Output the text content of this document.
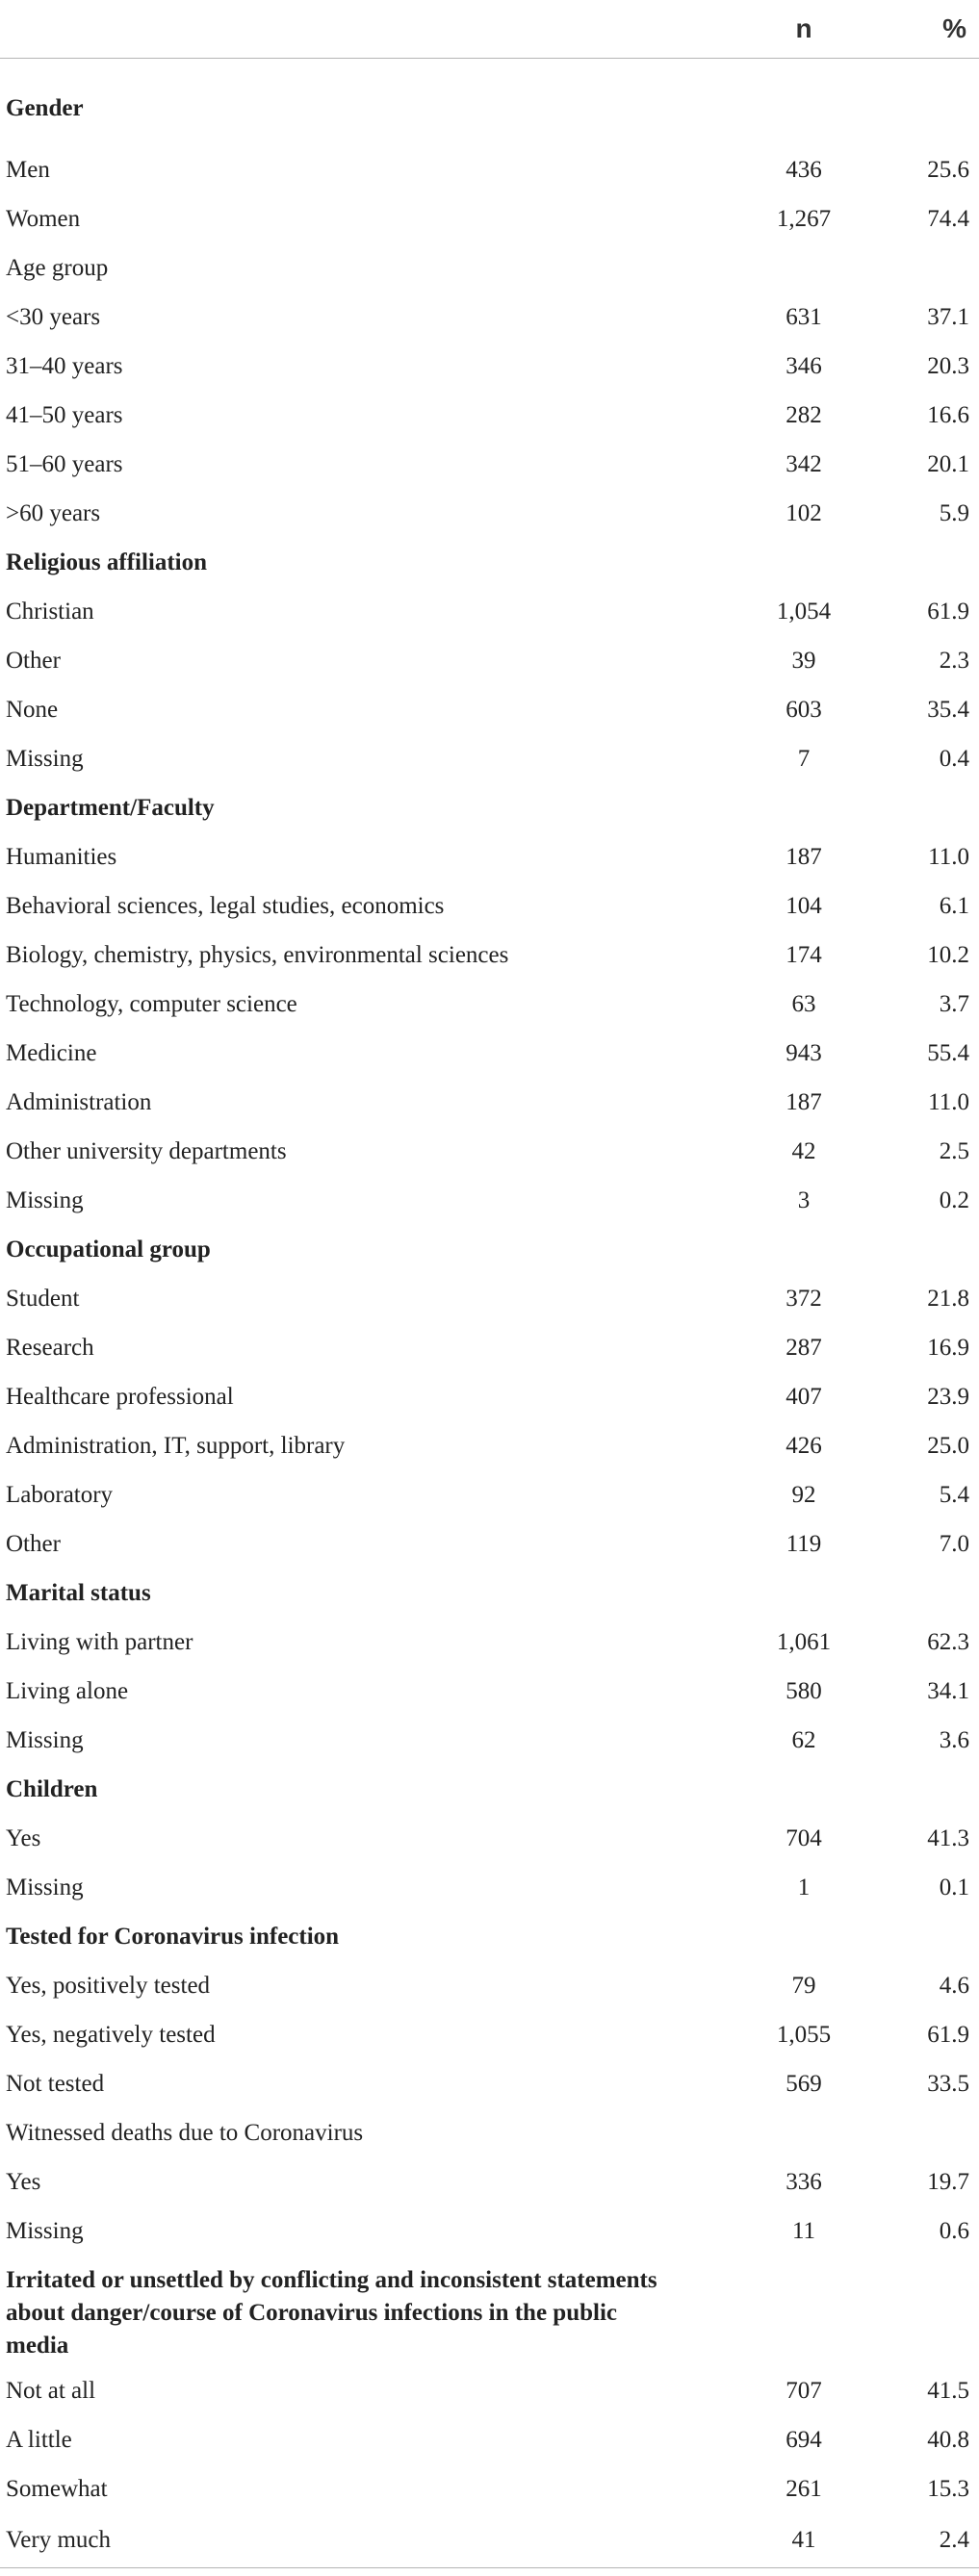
	n	%
Gender		
Men	436	25.6
Women	1,267	74.4
Age group		
<30 years	631	37.1
31–40 years	346	20.3
41–50 years	282	16.6
51–60 years	342	20.1
>60 years	102	5.9
Religious affiliation		
Christian	1,054	61.9
Other	39	2.3
None	603	35.4
Missing	7	0.4
Department/Faculty		
Humanities	187	11.0
Behavioral sciences, legal studies, economics	104	6.1
Biology, chemistry, physics, environmental sciences	174	10.2
Technology, computer science	63	3.7
Medicine	943	55.4
Administration	187	11.0
Other university departments	42	2.5
Missing	3	0.2
Occupational group		
Student	372	21.8
Research	287	16.9
Healthcare professional	407	23.9
Administration, IT, support, library	426	25.0
Laboratory	92	5.4
Other	119	7.0
Marital status		
Living with partner	1,061	62.3
Living alone	580	34.1
Missing	62	3.6
Children		
Yes	704	41.3
Missing	1	0.1
Tested for Coronavirus infection		
Yes, positively tested	79	4.6
Yes, negatively tested	1,055	61.9
Not tested	569	33.5
Witnessed deaths due to Coronavirus		
Yes	336	19.7
Missing	11	0.6
Irritated or unsettled by conflicting and inconsistent statements about danger/course of Coronavirus infections in the public media		
Not at all	707	41.5
A little	694	40.8
Somewhat	261	15.3
Very much	41	2.4
